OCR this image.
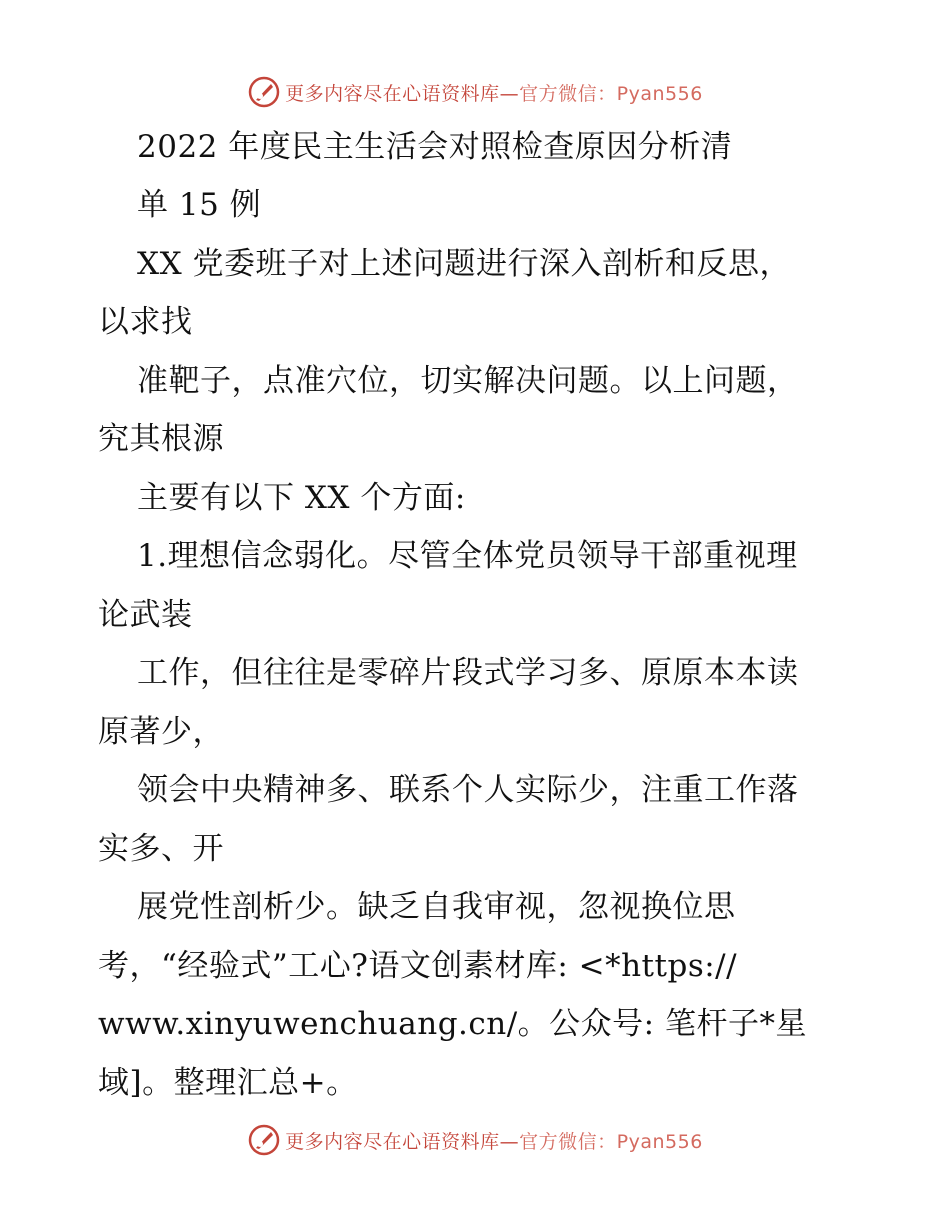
更多内容尽在心语资料库—官方微信：Pyan556
2022 年度民主生活会对照检查原因分析清
单 15 例
XX 党委班子对上述问题进行深入剖析和反思，
以求找
准靶子，点准穴位，切实解决问题。以上问题，
究其根源
主要有以下 XX 个方面:
1.理想信念弱化。尽管全体党员领导干部重视理
论武装
工作，但往往是零碎片段式学习多、原原本本读
原著少，
领会中央精神多、联系个人实际少，注重工作落
实多、开
展党性剖析少。缺乏自我审视，忽视换位思
考，“经验式”工心?语文创素材库: <*https://
www.xinyuwenchuang.cn/。公众号: 笔杆子*星
域]。整理汇总+。
更多内容尽在心语资料库—官方微信：Pyan556
